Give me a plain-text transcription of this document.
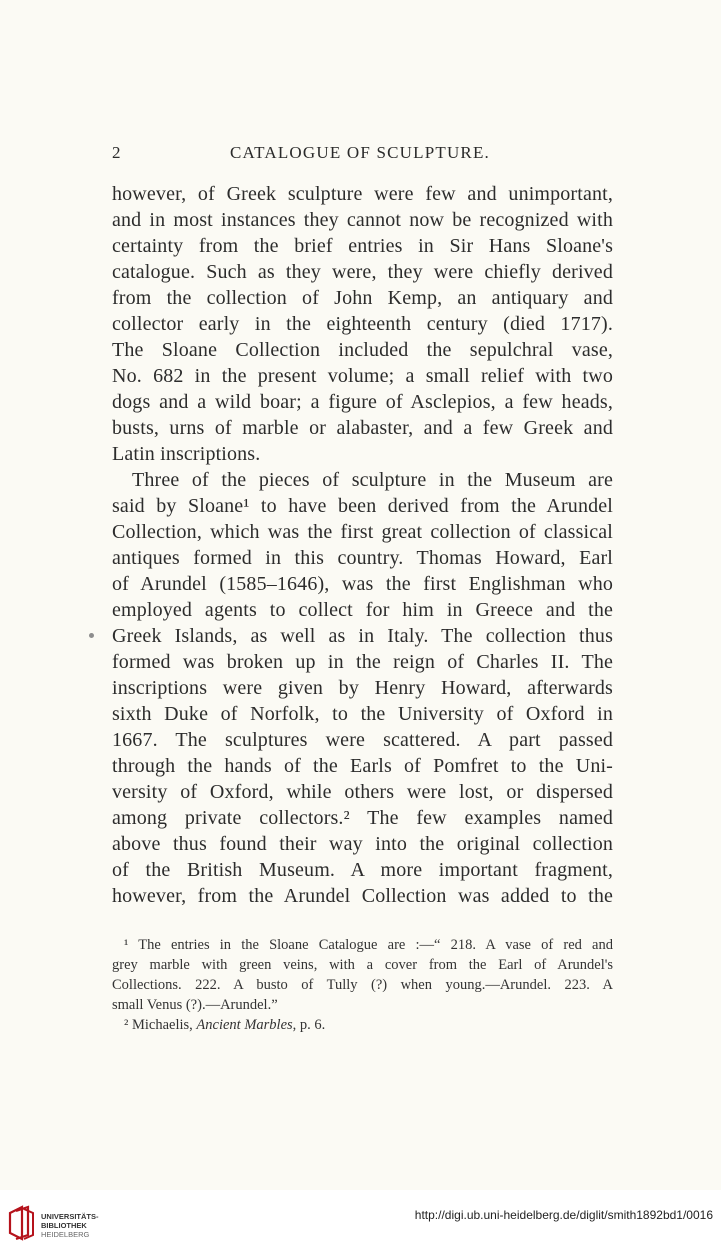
2	CATALOGUE OF SCULPTURE.
however, of Greek sculpture were few and unimportant,
and in most instances they cannot now be recognized with
certainty from the brief entries in Sir Hans Sloane's
catalogue. Such as they were, they were chiefly derived
from the collection of John Kemp, an antiquary and
collector early in the eighteenth century (died 1717).
The Sloane Collection included the sepulchral vase,
No. 682 in the present volume; a small relief with two
dogs and a wild boar; a figure of Asclepios, a few heads,
busts, urns of marble or alabaster, and a few Greek and
Latin inscriptions.
Three of the pieces of sculpture in the Museum are
said by Sloane¹ to have been derived from the Arundel
Collection, which was the first great collection of classical
antiques formed in this country. Thomas Howard, Earl
of Arundel (1585–1646), was the first Englishman who
employed agents to collect for him in Greece and the
Greek Islands, as well as in Italy. The collection thus
formed was broken up in the reign of Charles II. The
inscriptions were given by Henry Howard, afterwards
sixth Duke of Norfolk, to the University of Oxford in
1667. The sculptures were scattered. A part passed
through the hands of the Earls of Pomfret to the Uni-
versity of Oxford, while others were lost, or dispersed
among private collectors.² The few examples named
above thus found their way into the original collection
of the British Museum. A more important fragment,
however, from the Arundel Collection was added to the
¹ The entries in the Sloane Catalogue are :—“ 218. A vase of red and
grey marble with green veins, with a cover from the Earl of Arundel's
Collections. 222. A busto of Tully (?) when young.—Arundel. 223. A
small Venus (?).—Arundel.”
² Michaelis, Ancient Marbles, p. 6.
UNIVERSITÄTS-
BIBLIOTHEK
HEIDELBERG
http://digi.ub.uni-heidelberg.de/diglit/smith1892bd1/0016
